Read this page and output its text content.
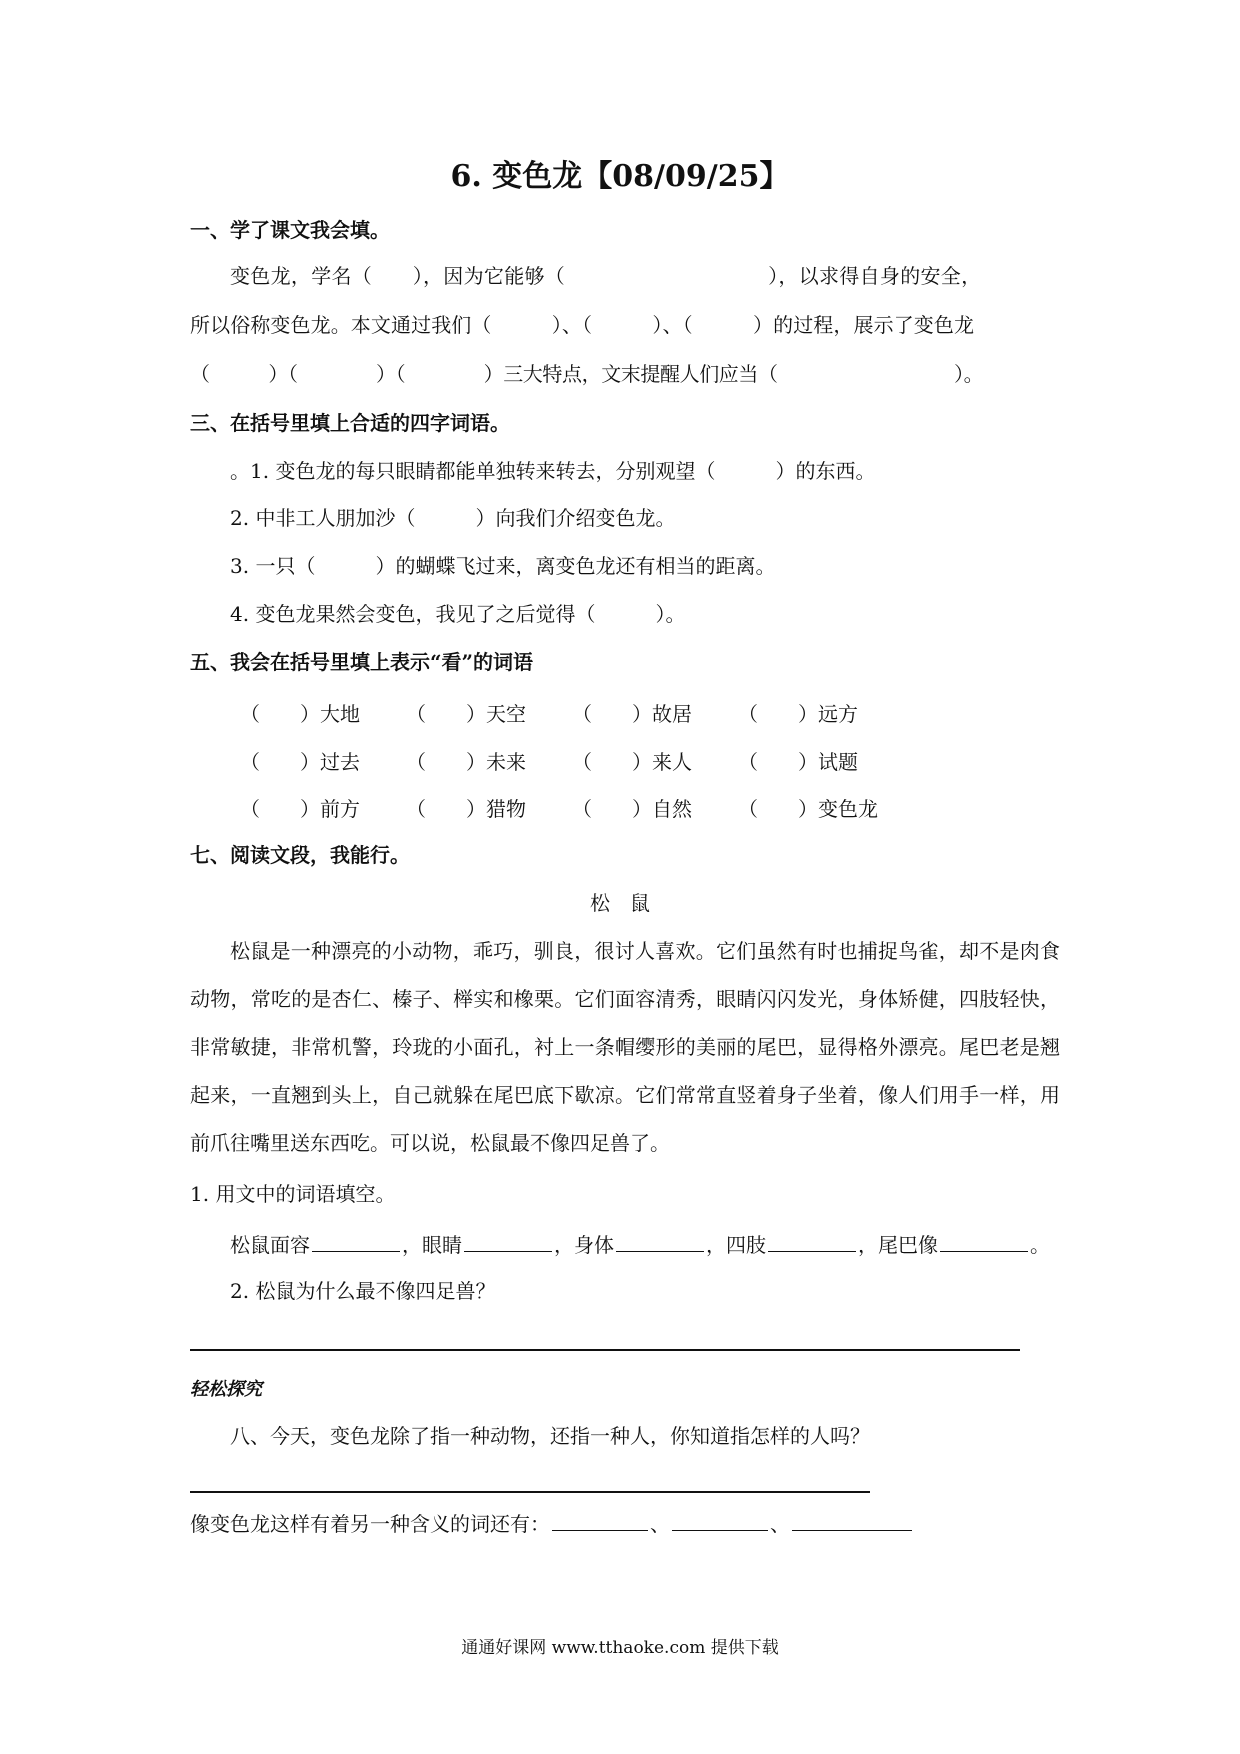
6. 变色龙【08/09/25】
一、学了课文我会填。
变色龙，学名（　　），因为它能够（　　　　　　　　　　），以求得自身的安全，
所以俗称变色龙。本文通过我们（　　　）、（　　　）、（　　　）的过程，展示了变色龙
（　　　）（　　　　）（　　　　）三大特点，文末提醒人们应当（　　　　　　　　　）。
三、在括号里填上合适的四字词语。
。1. 变色龙的每只眼睛都能单独转来转去，分别观望（　　　）的东西。
2. 中非工人朋加沙（　　　）向我们介绍变色龙。
3. 一只（　　　）的蝴蝶飞过来，离变色龙还有相当的距离。
4. 变色龙果然会变色，我见了之后觉得（　　　）。
五、我会在括号里填上表示“看”的词语
（　　）大地 （　　）天空 （　　）故居 （　　）远方
（　　）过去 （　　）未来 （　　）来人 （　　）试题
（　　）前方 （　　）猎物 （　　）自然 （　　）变色龙
七、阅读文段，我能行。
松　鼠
松鼠是一种漂亮的小动物，乖巧，驯良，很讨人喜欢。它们虽然有时也捕捉鸟雀，却不是肉食动物，常吃的是杏仁、榛子、榉实和橡栗。它们面容清秀，眼睛闪闪发光，身体矫健，四肢轻快，非常敏捷，非常机警，玲珑的小面孔，衬上一条帽缨形的美丽的尾巴，显得格外漂亮。尾巴老是翘起来，一直翘到头上，自己就躲在尾巴底下歇凉。它们常常直竖着身子坐着，像人们用手一样，用前爪往嘴里送东西吃。可以说，松鼠最不像四足兽了。
1. 用文中的词语填空。
松鼠面容	，眼睛	，身体	，四肢	，尾巴像	。
2. 松鼠为什么最不像四足兽？
轻松探究
八、今天，变色龙除了指一种动物，还指一种人，你知道指怎样的人吗？
像变色龙这样有着另一种含义的词还有：	、	、
通通好课网 www.tthaoke.com 提供下载
